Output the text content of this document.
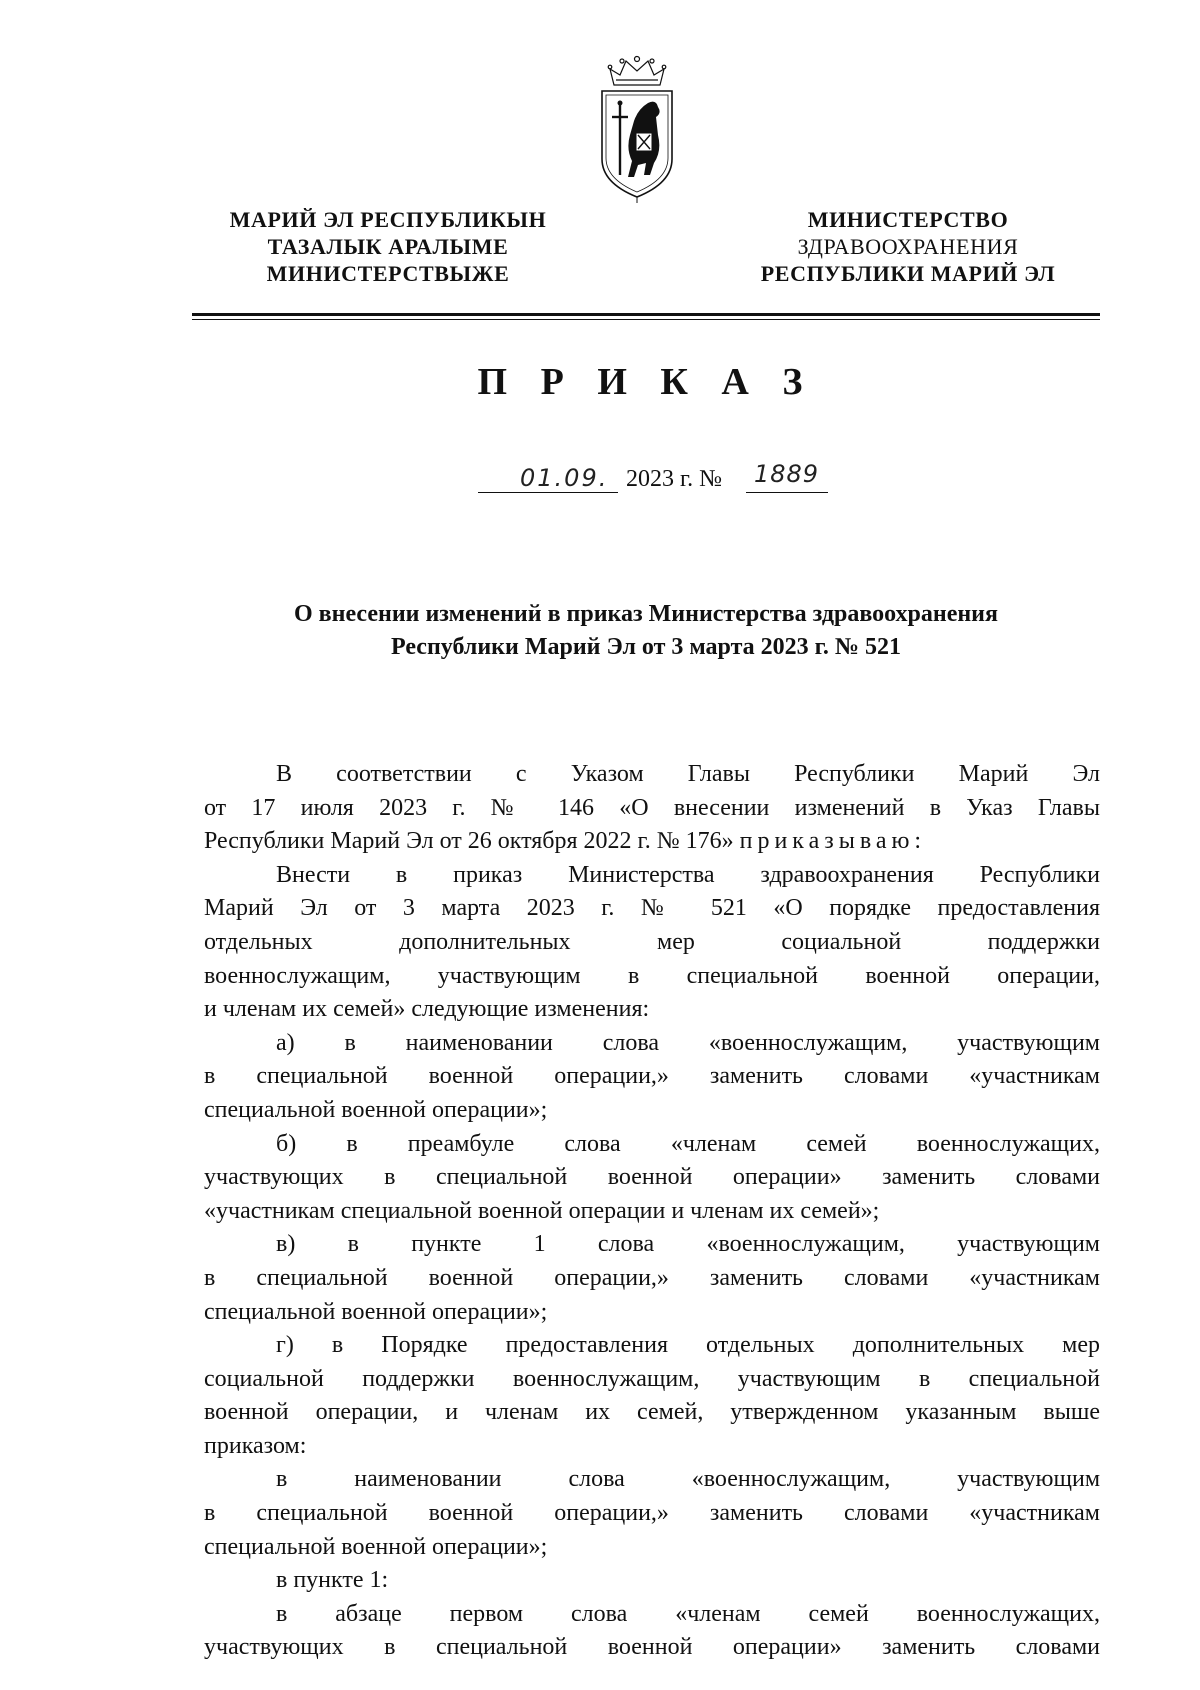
МАРИЙ ЭЛ РЕСПУБЛИКЫН
ТАЗАЛЫК АРАЛЫМЕ
МИНИСТЕРСТВЫЖЕ
МИНИСТЕРСТВО
ЗДРАВООХРАНЕНИЯ
РЕСПУБЛИКИ МАРИЙ ЭЛ
П Р И К А З
01.09. 2023 г. № 1889
О внесении изменений в приказ Министерства здравоохранения
Республики Марий Эл от 3 марта 2023 г. № 521
В соответствии с Указом Главы Республики Марий Эл
от 17 июля 2023 г. № 146 «О внесении изменений в Указ Главы
Республики Марий Эл от 26 октября 2022 г. № 176» приказываю:
Внести в приказ Министерства здравоохранения Республики
Марий Эл от 3 марта 2023 г. № 521 «О порядке предоставления
отдельных дополнительных мер социальной поддержки
военнослужащим, участвующим в специальной военной операции,
и членам их семей» следующие изменения:
а) в наименовании слова «военнослужащим, участвующим
в специальной военной операции,» заменить словами «участникам
специальной военной операции»;
б) в преамбуле слова «членам семей военнослужащих,
участвующих в специальной военной операции» заменить словами
«участникам специальной военной операции и членам их семей»;
в) в пункте 1 слова «военнослужащим, участвующим
в специальной военной операции,» заменить словами «участникам
специальной военной операции»;
г) в Порядке предоставления отдельных дополнительных мер
социальной поддержки военнослужащим, участвующим в специальной
военной операции, и членам их семей, утвержденном указанным выше
приказом:
в наименовании слова «военнослужащим, участвующим
в специальной военной операции,» заменить словами «участникам
специальной военной операции»;
в пункте 1:
в абзаце первом слова «членам семей военнослужащих,
участвующих в специальной военной операции» заменить словами
